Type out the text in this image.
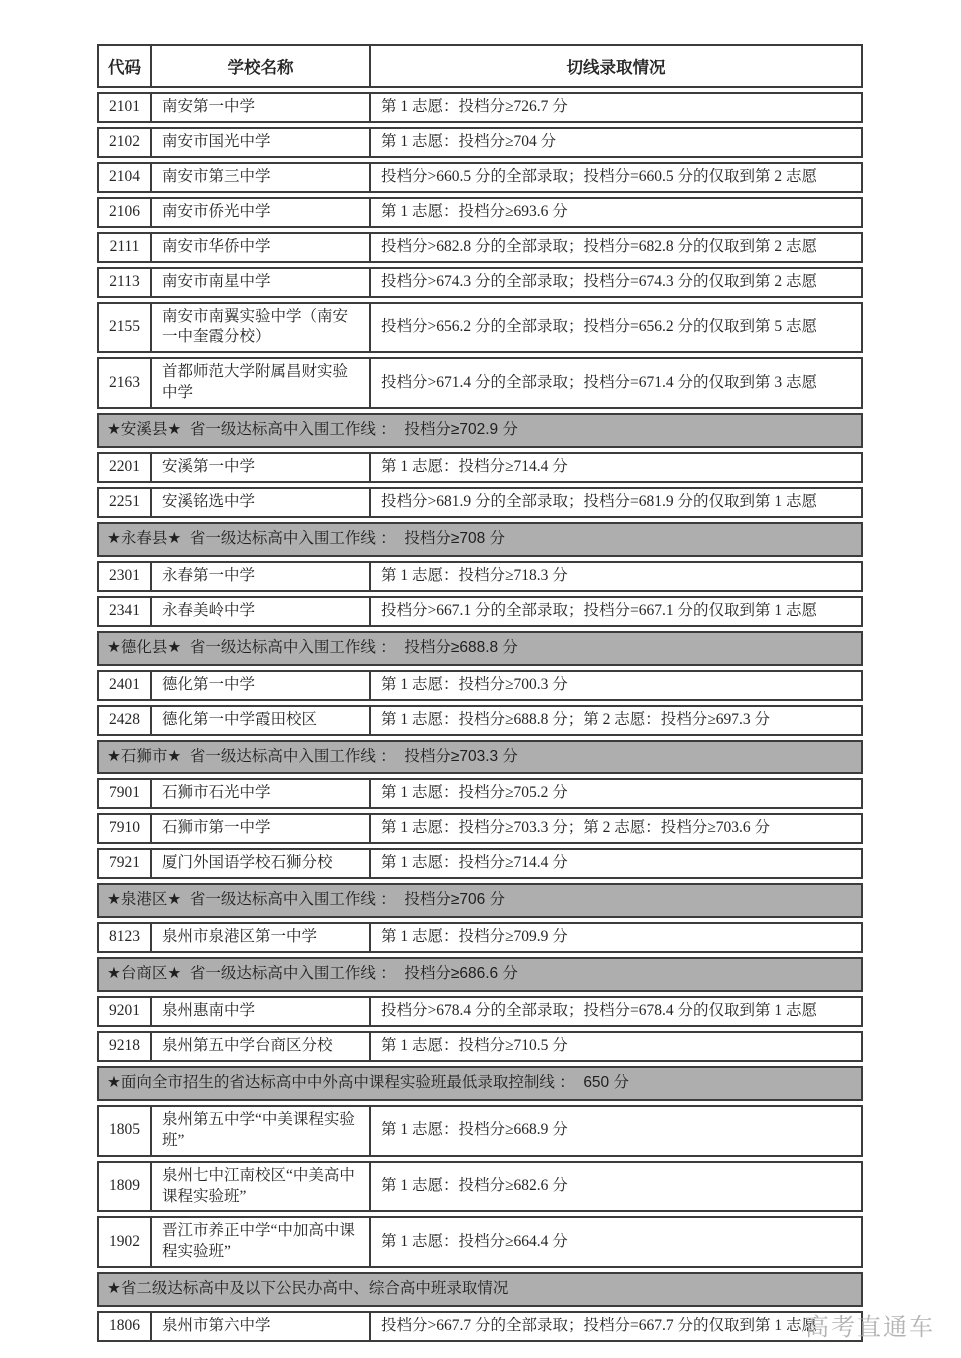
代码	学校名称	切线录取情况
2101	南安第一中学	第 1 志愿：投档分≥726.7 分
2102	南安市国光中学	第 1 志愿：投档分≥704 分
2104	南安市第三中学	投档分>660.5 分的全部录取；投档分=660.5 分的仅取到第 2 志愿
2106	南安市侨光中学	第 1 志愿：投档分≥693.6 分
2111	南安市华侨中学	投档分>682.8 分的全部录取；投档分=682.8 分的仅取到第 2 志愿
2113	南安市南星中学	投档分>674.3 分的全部录取；投档分=674.3 分的仅取到第 2 志愿
2155	南安市南翼实验中学（南安一中奎霞分校）	投档分>656.2 分的全部录取；投档分=656.2 分的仅取到第 5 志愿
2163	首都师范大学附属昌财实验中学	投档分>671.4 分的全部录取；投档分=671.4 分的仅取到第 3 志愿
★安溪县★  省一级达标高中入围工作线 ：  投档分≥702.9 分		
2201	安溪第一中学	第 1 志愿：投档分≥714.4 分
2251	安溪铭选中学	投档分>681.9 分的全部录取；投档分=681.9 分的仅取到第 1 志愿
★永春县★  省一级达标高中入围工作线 ：  投档分≥708 分		
2301	永春第一中学	第 1 志愿：投档分≥718.3 分
2341	永春美岭中学	投档分>667.1 分的全部录取；投档分=667.1 分的仅取到第 1 志愿
★德化县★  省一级达标高中入围工作线 ：  投档分≥688.8 分		
2401	德化第一中学	第 1 志愿：投档分≥700.3 分
2428	德化第一中学霞田校区	第 1 志愿：投档分≥688.8 分；第 2 志愿：投档分≥697.3 分
★石狮市★  省一级达标高中入围工作线 ：  投档分≥703.3 分		
7901	石狮市石光中学	第 1 志愿：投档分≥705.2 分
7910	石狮市第一中学	第 1 志愿：投档分≥703.3 分；第 2 志愿：投档分≥703.6 分
7921	厦门外国语学校石狮分校	第 1 志愿：投档分≥714.4 分
★泉港区★  省一级达标高中入围工作线 ：  投档分≥706 分		
8123	泉州市泉港区第一中学	第 1 志愿：投档分≥709.9 分
★台商区★  省一级达标高中入围工作线 ：  投档分≥686.6 分		
9201	泉州惠南中学	投档分>678.4 分的全部录取；投档分=678.4 分的仅取到第 1 志愿
9218	泉州第五中学台商区分校	第 1 志愿：投档分≥710.5 分
★面向全市招生的省达标高中中外高中课程实验班最低录取控制线 ：  650 分		
1805	泉州第五中学“中美课程实验班”	第 1 志愿：投档分≥668.9 分
1809	泉州七中江南校区“中美高中课程实验班”	第 1 志愿：投档分≥682.6 分
1902	晋江市养正中学“中加高中课程实验班”	第 1 志愿：投档分≥664.4 分
★省二级达标高中及以下公民办高中、综合高中班录取情况		
1806	泉州市第六中学	投档分>667.7 分的全部录取；投档分=667.7 分的仅取到第 1 志愿
高考直通车
